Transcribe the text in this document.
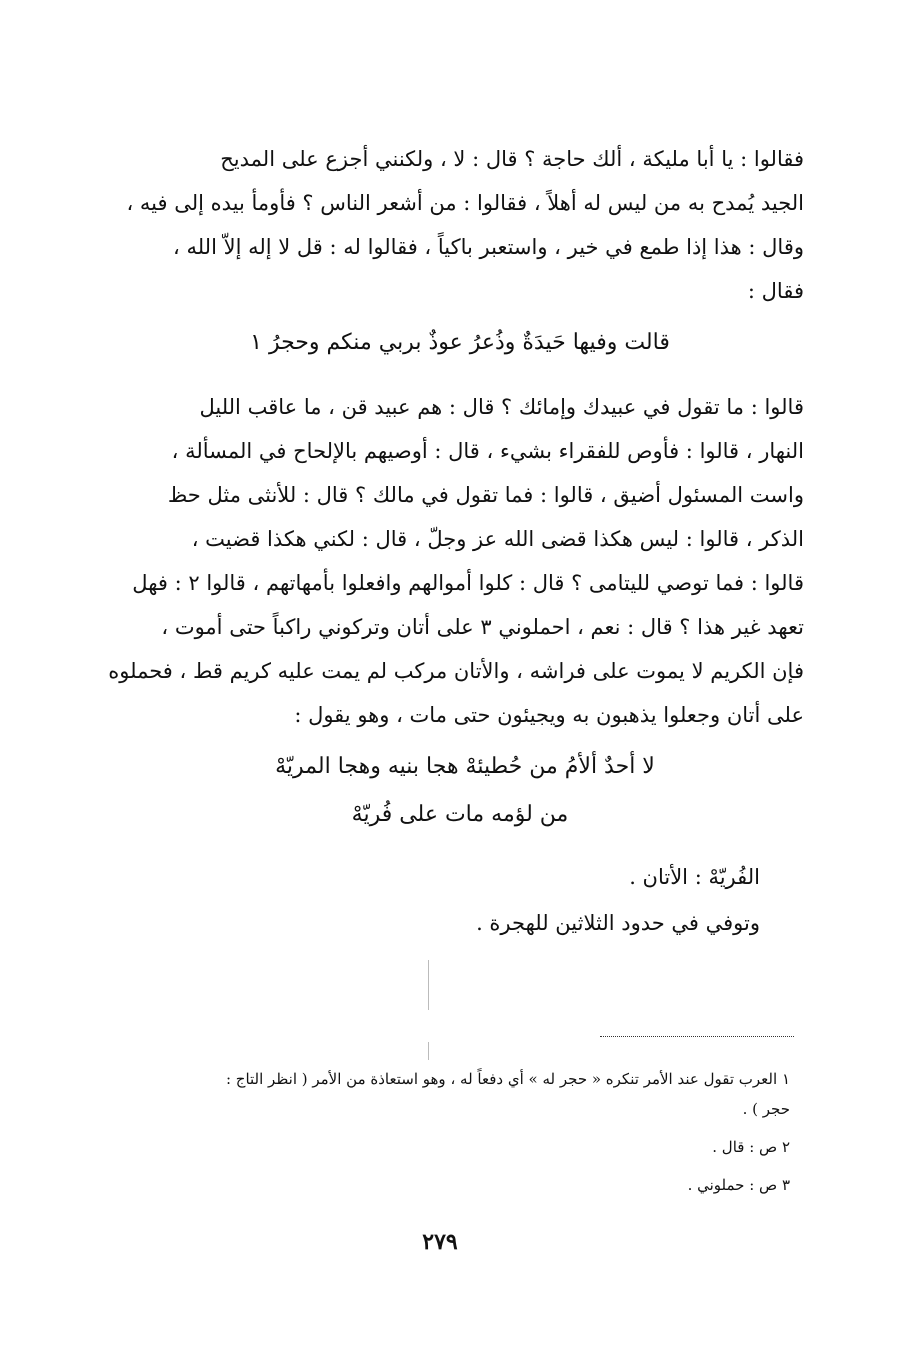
فقالوا : يا أبا مليكة ، ألك حاجة ؟ قال : لا ، ولكنني أجزع على المديح
الجيد يُمدح به من ليس له أهلاً ، فقالوا : من أشعر الناس ؟ فأومأ بيده إلى فيه ،
وقال : هذا إذا طمع في خير ، واستعبر باكياً ، فقالوا له : قل لا إله إلاّ الله ،
فقال :
قالت وفيها حَيدَةٌ وذُعرُ عوذٌ بربي منكم وحجرُ ١
قالوا : ما تقول في عبيدك وإمائك ؟ قال : هم عبيد قن ، ما عاقب الليل
النهار ، قالوا : فأوص للفقراء بشيء ، قال : أوصيهم بالإلحاح في المسألة ،
واست المسئول أضيق ، قالوا : فما تقول في مالك ؟ قال : للأنثى مثل حظ
الذكر ، قالوا : ليس هكذا قضى الله عز وجلّ ، قال : لكني هكذا قضيت ،
قالوا : فما توصي لليتامى ؟ قال : كلوا أموالهم وافعلوا بأمهاتهم ، قالوا ٢ : فهل
تعهد غير هذا ؟ قال : نعم ، احملوني ٣ على أتان وتركوني راكباً حتى أموت ،
فإن الكريم لا يموت على فراشه ، والأتان مركب لم يمت عليه كريم قط ، فحملوه
على أتان وجعلوا يذهبون به ويجيئون حتى مات ، وهو يقول :
لا أحدٌ ألأمُ من حُطيئهْ هجا بنيه وهجا المريّهْ
من لؤمه مات على فُريّهْ
الفُريّهْ : الأتان .
وتوفي في حدود الثلاثين للهجرة .
١ العرب تقول عند الأمر تنكره « حجر له » أي دفعاً له ، وهو استعاذة من الأمر ( انظر التاج :
حجر ) .
٢ ص : قال .
٣ ص : حملوني .
٢٧٩
